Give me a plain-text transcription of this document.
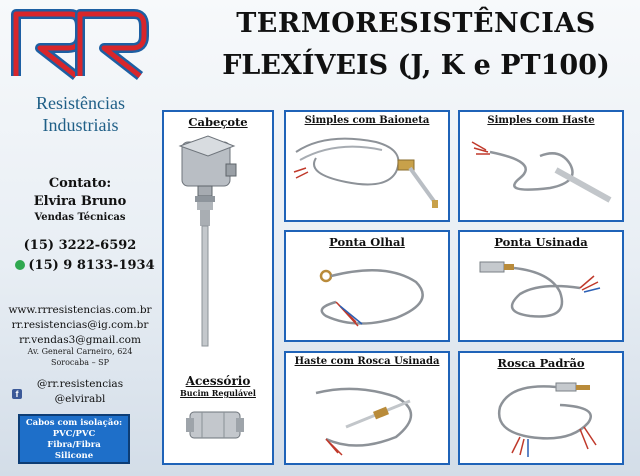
Resistências
Industriais
Contato:
Elvira Bruno
Vendas Técnicas
(15) 3222-6592
(15) 9 8133-1934
www.rrresistencias.com.br
rr.resistencias@ig.com.br
rr.vendas3@gmail.com
Av. General Carneiro, 624
Sorocaba – SP
@rr.resistencias
@elvirabl
f
Cabos com isolação:
PVC/PVC
Fibra/Fibra
Silicone
TERMORESISTÊNCIAS
FLEXÍVEIS (J, K e PT100)
Cabeçote
Acessório
Bucim Regulável
Simples com Baioneta	Simples com Haste
Ponta Olhal	Ponta Usinada
Haste com Rosca Usinada	Rosca Padrão
